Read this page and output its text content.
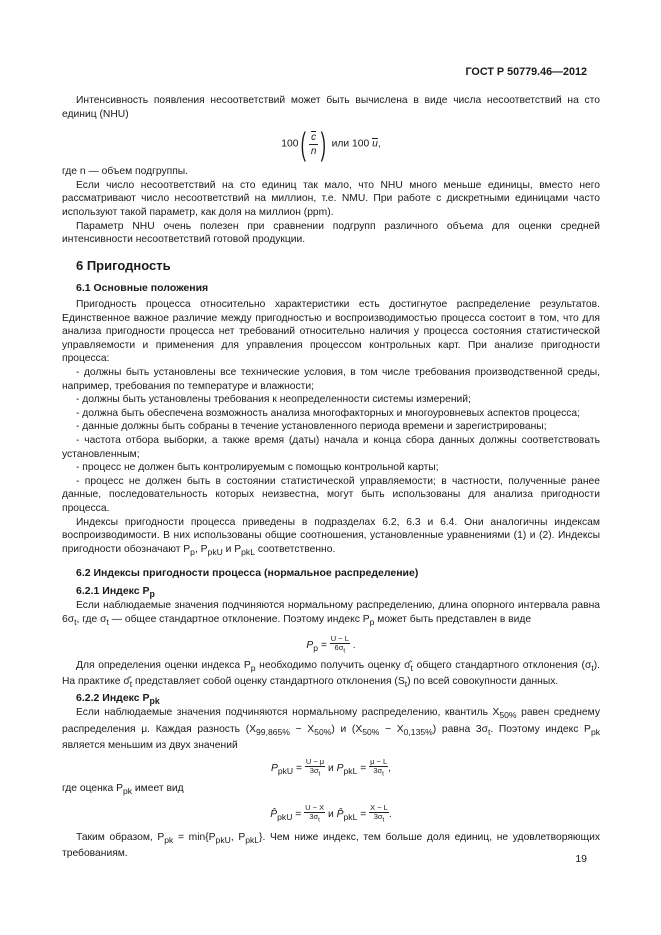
ГОСТ Р 50779.46—2012

Интенсивность появления несоответствий может быть вычислена в виде числа несоответствий на сто единиц (NHU)

$100( \frac{\overline{c}}{n}$ ) или 100 $\overline{u}$,

где n — объем подгруппы.

Если число несоответствий на сто единиц так мало, что NHU много меньше единицы, вместо него рассматривают число несоответствий на миллион, т.е. NMU. При работе с дискретными единицами часто используют такой параметр, как доля на миллион (ppm).

Параметр NHU очень полезен при сравнении подгрупп различного объема для оценки средней интенсивности несоответствий готовой продукции.

6 Пригодность

6.1 Основные положения

Пригодность процесса относительно характеристики есть достигнутое распределение результатов. Единственное важное различие между пригодностью и воспроизводимостью процесса состоит в том, что для анализа пригодности процесса нет требований относительно наличия у процесса состояния статистической управляемости и применения для управления процессом контрольных карт. При анализе пригодности процесса:

- должны быть установлены все технические условия, в том числе требования производственной среды, например, требования по температуре и влажности;

- должны быть установлены требования к неопределенности системы измерений;

- должна быть обеспечена возможность анализа многофакторных и многоуровневых аспектов процесса;

- данные должны быть собраны в течение установленного периода времени и зарегистрированы;

- частота отбора выборки, а также время (даты) начала и конца сбора данных должны соответствовать установленным;

- процесс не должен быть контролируемым с помощью контрольной карты;

- процесс не должен быть в состоянии статистической управляемости; в частности, полученные ранее данные, последовательность которых неизвестна, могут быть использованы для анализа пригодности процесса.

Индексы пригодности процесса приведены в подразделах 6.2, 6.3 и 6.4. Они аналогичны индексам воспроизводимости. В них использованы общие соотношения, установленные уравнениями (1) и (2). Индексы пригодности обозначают $P_p$, $P_{pkU}$ и $P_{pkL}$ соответственно.

6.2 Индексы пригодности процесса (нормальное распределение)

6.2.1 Индекс $P_p$

Если наблюдаемые значения подчиняются нормальному распределению, длина опорного интервала равна $6\sigma_t$, где $\sigma_t$ — общее стандартное отклонение. Поэтому индекс $P_p$ может быть представлен в виде

$P_p = \frac{U - L}{6\sigma_t}$ .

Для определения оценки индекса $P_p$ необходимо получить оценку $\sigmâ_t$ общего стандартного отклонения $(\sigma_t)$. На практике $\sigmâ_t$ представляет собой оценку стандартного отклонения $(S_t)$ по всей совокупности данных.

6.2.2 Индекс $P_{pk}$

Если наблюдаемые значения подчиняются нормальному распределению, квантиль $X_{50\%}$ равен среднему распределения μ. Каждая разность $(X_{99,865\%} - X_{50\%})$ и $(X_{50\%} - X_{0,135\%})$ равна $3\sigma_t$. Поэтому индекс $P_{pk}$ является меньшим из двух значений

$P_{pkU} = \frac{U - \mu}{3\sigma_t}$ и $P_{pkL} = \frac{\mu - L}{3\sigma_t}$ ,

где оценка $P_{pk}$ имеет вид

$P̂_{pkU} = \frac{U - X}{3\sigma_t}$ и $P̂_{pkL} = \frac{X - L}{3\sigma_t}$ .

Таким образом, $P_{pk} = \min\{P_{pkU}$, $P_{pkL}$}. Чем ниже индекс, тем больше доля единиц, не удовлетворяющих требованиям.	19
